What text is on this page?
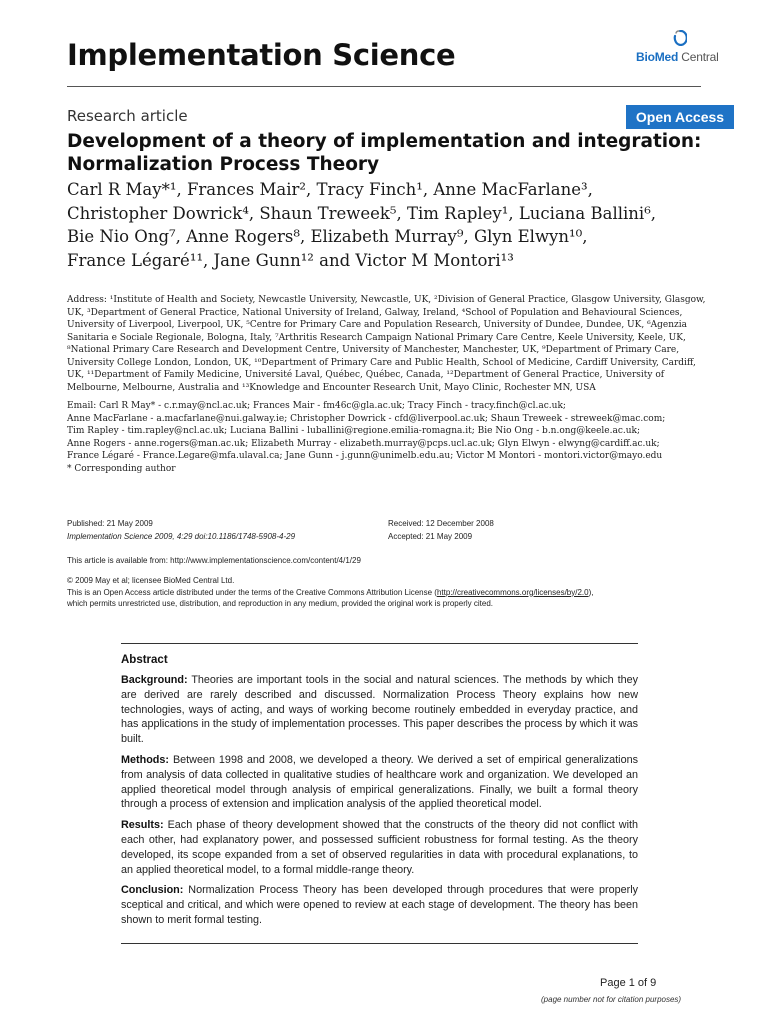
Implementation Science	BioMed Central
Research article	Open Access
Development of a theory of implementation and integration:
Normalization Process Theory
Carl R May*¹, Frances Mair², Tracy Finch¹, Anne MacFarlane³,
Christopher Dowrick⁴, Shaun Treweek⁵, Tim Rapley¹, Luciana Ballini⁶,
Bie Nio Ong⁷, Anne Rogers⁸, Elizabeth Murray⁹, Glyn Elwyn¹⁰,
France Légaré¹¹, Jane Gunn¹² and Victor M Montori¹³
Address: ¹Institute of Health and Society, Newcastle University, Newcastle, UK, ²Division of General Practice, Glasgow University, Glasgow, UK, ³Department of General Practice, National University of Ireland, Galway, Ireland, ⁴School of Population and Behavioural Sciences, University of Liverpool, Liverpool, UK, ⁵Centre for Primary Care and Population Research, University of Dundee, Dundee, UK, ⁶Agenzia Sanitaria e Sociale Regionale, Bologna, Italy, ⁷Arthritis Research Campaign National Primary Care Centre, Keele University, Keele, UK, ⁸National Primary Care Research and Development Centre, University of Manchester, Manchester, UK, ⁹Department of Primary Care, University College London, London, UK, ¹⁰Department of Primary Care and Public Health, School of Medicine, Cardiff University, Cardiff, UK, ¹¹Department of Family Medicine, Université Laval, Québec, Québec, Canada, ¹²Department of General Practice, University of Melbourne, Melbourne, Australia and ¹³Knowledge and Encounter Research Unit, Mayo Clinic, Rochester MN, USA
Email: Carl R May* - c.r.may@ncl.ac.uk; Frances Mair - fm46c@gla.ac.uk; Tracy Finch - tracy.finch@cl.ac.uk;
Anne MacFarlane - a.macfarlane@nui.galway.ie; Christopher Dowrick - cfd@liverpool.ac.uk; Shaun Treweek - streweek@mac.com;
Tim Rapley - tim.rapley@ncl.ac.uk; Luciana Ballini - luballini@regione.emilia-romagna.it; Bie Nio Ong - b.n.ong@keele.ac.uk;
Anne Rogers - anne.rogers@man.ac.uk; Elizabeth Murray - elizabeth.murray@pcps.ucl.ac.uk; Glyn Elwyn - elwyng@cardiff.ac.uk;
France Légaré - France.Legare@mfa.ulaval.ca; Jane Gunn - j.gunn@unimelb.edu.au; Victor M Montori - montori.victor@mayo.edu
* Corresponding author
Published: 21 May 2009
Implementation Science 2009, 4:29 doi:10.1186/1748-5908-4-29
Received: 12 December 2008
Accepted: 21 May 2009
This article is available from: http://www.implementationscience.com/content/4/1/29
© 2009 May et al; licensee BioMed Central Ltd.
This is an Open Access article distributed under the terms of the Creative Commons Attribution License (http://creativecommons.org/licenses/by/2.0),
which permits unrestricted use, distribution, and reproduction in any medium, provided the original work is properly cited.
Abstract

Background: Theories are important tools in the social and natural sciences. The methods by which they are derived are rarely described and discussed. Normalization Process Theory explains how new technologies, ways of acting, and ways of working become routinely embedded in everyday practice, and has applications in the study of implementation processes. This paper describes the process by which it was built.

Methods: Between 1998 and 2008, we developed a theory. We derived a set of empirical generalizations from analysis of data collected in qualitative studies of healthcare work and organization. We developed an applied theoretical model through analysis of empirical generalizations. Finally, we built a formal theory through a process of extension and implication analysis of the applied theoretical model.

Results: Each phase of theory development showed that the constructs of the theory did not conflict with each other, had explanatory power, and possessed sufficient robustness for formal testing. As the theory developed, its scope expanded from a set of observed regularities in data with procedural explanations, to an applied theoretical model, to a formal middle-range theory.

Conclusion: Normalization Process Theory has been developed through procedures that were properly sceptical and critical, and which were opened to review at each stage of development. The theory has been shown to merit formal testing.

Page 1 of 9
(page number not for citation purposes)
